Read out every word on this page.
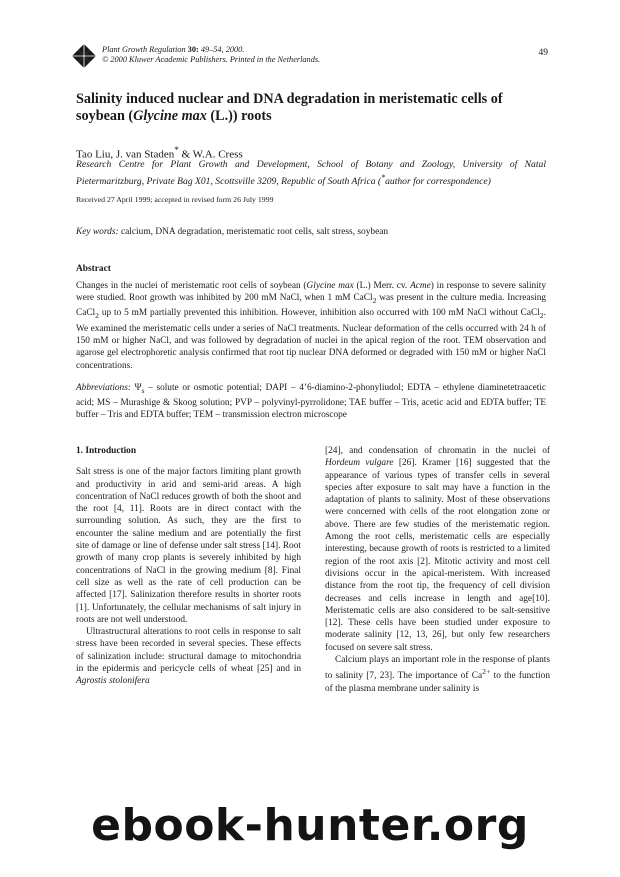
Plant Growth Regulation 30: 49–54, 2000.
© 2000 Kluwer Academic Publishers. Printed in the Netherlands.
49
Salinity induced nuclear and DNA degradation in meristematic cells of
soybean (Glycine max (L.)) roots
Tao Liu, J. van Staden* & W.A. Cress
Research Centre for Plant Growth and Development, School of Botany and Zoology, University of Natal Pietermaritzburg, Private Bag X01, Scottsville 3209, Republic of South Africa (*author for correspondence)
Received 27 April 1999; accepted in revised form 26 July 1999
Key words: calcium, DNA degradation, meristematic root cells, salt stress, soybean
Abstract

Changes in the nuclei of meristematic root cells of soybean (Glycine max (L.) Merr. cv. Acme) in response to severe salinity were studied. Root growth was inhibited by 200 mM NaCl, when 1 mM CaCl$_2$ was present in the culture media. Increasing CaCl$_2$ up to 5 mM partially prevented this inhibition. However, inhibition also occurred with 100 mM NaCl without CaCl$_2$. We examined the meristematic cells under a series of NaCl treatments. Nuclear deformation of the cells occurred with 24 h of 150 mM or higher NaCl, and was followed by degradation of nuclei in the apical region of the root. TEM observation and agarose gel electrophoretic analysis confirmed that root tip nuclear DNA deformed or degraded with 150 mM or higher NaCl concentrations.

Abbreviations: $\Psi_s$ – solute or osmotic potential; DAPI – 4’6-diamino-2-phonyliudol; EDTA – ethylene diaminetetraacetic acid; MS – Murashige & Skoog solution; PVP – polyvinyl-pyrrolidone; TAE buffer – Tris, acetic acid and EDTA buffer; TE buffer – Tris and EDTA buffer; TEM – transmission electron microscope

1. Introduction

Salt stress is one of the major factors limiting plant growth and productivity in arid and semi-arid areas. A high concentration of NaCl reduces growth of both the shoot and the root [4, 11]. Roots are in direct contact with the surrounding solution. As such, they are the first to encounter the saline medium and are potentially the first site of damage or line of defense under salt stress [14]. Root growth of many crop plants is severely inhibited by high concentrations of NaCl in the growing medium [8]. Final cell size as well as the rate of cell production can be affected [17]. Salinization therefore results in shorter roots [1]. Unfortunately, the cellular mechanisms of salt injury in roots are not well understood.

Ultrastructural alterations to root cells in response to salt stress have been recorded in several species. These effects of salinization include: structural damage to mitochondria in the epidermis and pericycle cells of wheat [25] and in Agrostis stolonifera

[24], and condensation of chromatin in the nuclei of Hordeum vulgare [26]. Kramer [16] suggested that the appearance of various types of transfer cells in several species after exposure to salt may have a function in the adaptation of plants to salinity. Most of these observations were concerned with cells of the root elongation zone or above. There are few studies of the meristematic region. Among the root cells, meristematic cells are especially interesting, because growth of roots is restricted to a limited region of the root axis [2]. Mitotic activity and most cell divisions occur in the apical-meristem. With increased distance from the root tip, the frequency of cell division decreases and cells increase in length and age[10]. Meristematic cells are also considered to be salt-sensitive [12]. These cells have been studied under exposure to moderate salinity [12, 13, 26], but only few researchers focused on severe salt stress.

Calcium plays an important role in the response of plants to salinity [7, 23]. The importance of $Ca^{2+}$ to the function of the plasma membrane under salinity is

ebook-hunter.org
